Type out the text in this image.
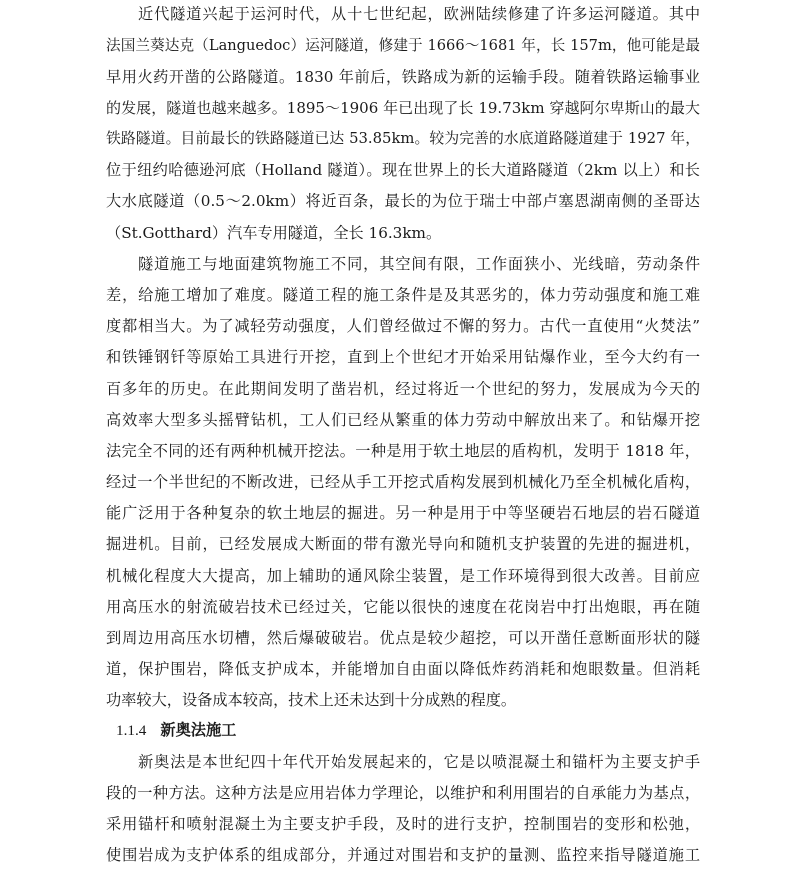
近代隧道兴起于运河时代，从十七世纪起，欧洲陆续修建了许多运河隧道。其中
法国兰葵达克（Languedoc）运河隧道，修建于 1666～1681 年，长 157m，他可能是最
早用火药开凿的公路隧道。1830 年前后，铁路成为新的运输手段。随着铁路运输事业
的发展，隧道也越来越多。1895～1906 年已出现了长 19.73km 穿越阿尔卑斯山的最大
铁路隧道。目前最长的铁路隧道已达 53.85km。较为完善的水底道路隧道建于 1927 年，
位于纽约哈德逊河底（Holland 隧道）。现在世界上的长大道路隧道（2km 以上）和长
大水底隧道（0.5～2.0km）将近百条，最长的为位于瑞士中部卢塞恩湖南侧的圣哥达
（St.Gotthard）汽车专用隧道，全长 16.3km。
隧道施工与地面建筑物施工不同，其空间有限，工作面狭小、光线暗，劳动条件
差，给施工增加了难度。隧道工程的施工条件是及其恶劣的，体力劳动强度和施工难
度都相当大。为了减轻劳动强度，人们曾经做过不懈的努力。古代一直使用“火焚法”
和铁锤钢钎等原始工具进行开挖，直到上个世纪才开始采用钻爆作业，至今大约有一
百多年的历史。在此期间发明了凿岩机，经过将近一个世纪的努力，发展成为今天的
高效率大型多头摇臂钻机，工人们已经从繁重的体力劳动中解放出来了。和钻爆开挖
法完全不同的还有两种机械开挖法。一种是用于软土地层的盾构机，发明于 1818 年，
经过一个半世纪的不断改进，已经从手工开挖式盾构发展到机械化乃至全机械化盾构，
能广泛用于各种复杂的软土地层的掘进。另一种是用于中等坚硬岩石地层的岩石隧道
掘进机。目前，已经发展成大断面的带有激光导向和随机支护装置的先进的掘进机，
机械化程度大大提高，加上辅助的通风除尘装置，是工作环境得到很大改善。目前应
用高压水的射流破岩技术已经过关，它能以很快的速度在花岗岩中打出炮眼，再在随
到周边用高压水切槽，然后爆破破岩。优点是较少超挖，可以开凿任意断面形状的隧
道，保护围岩，降低支护成本，并能增加自由面以降低炸药消耗和炮眼数量。但消耗
功率较大，设备成本较高，技术上还未达到十分成熟的程度。
1.1.4 新奥法施工
新奥法是本世纪四十年代开始发展起来的，它是以喷混凝土和锚杆为主要支护手
段的一种方法。这种方法是应用岩体力学理论，以维护和利用围岩的自承能力为基点，
采用锚杆和喷射混凝土为主要支护手段，及时的进行支护，控制围岩的变形和松弛，
使围岩成为支护体系的组成部分，并通过对围岩和支护的量测、监控来指导隧道施工
